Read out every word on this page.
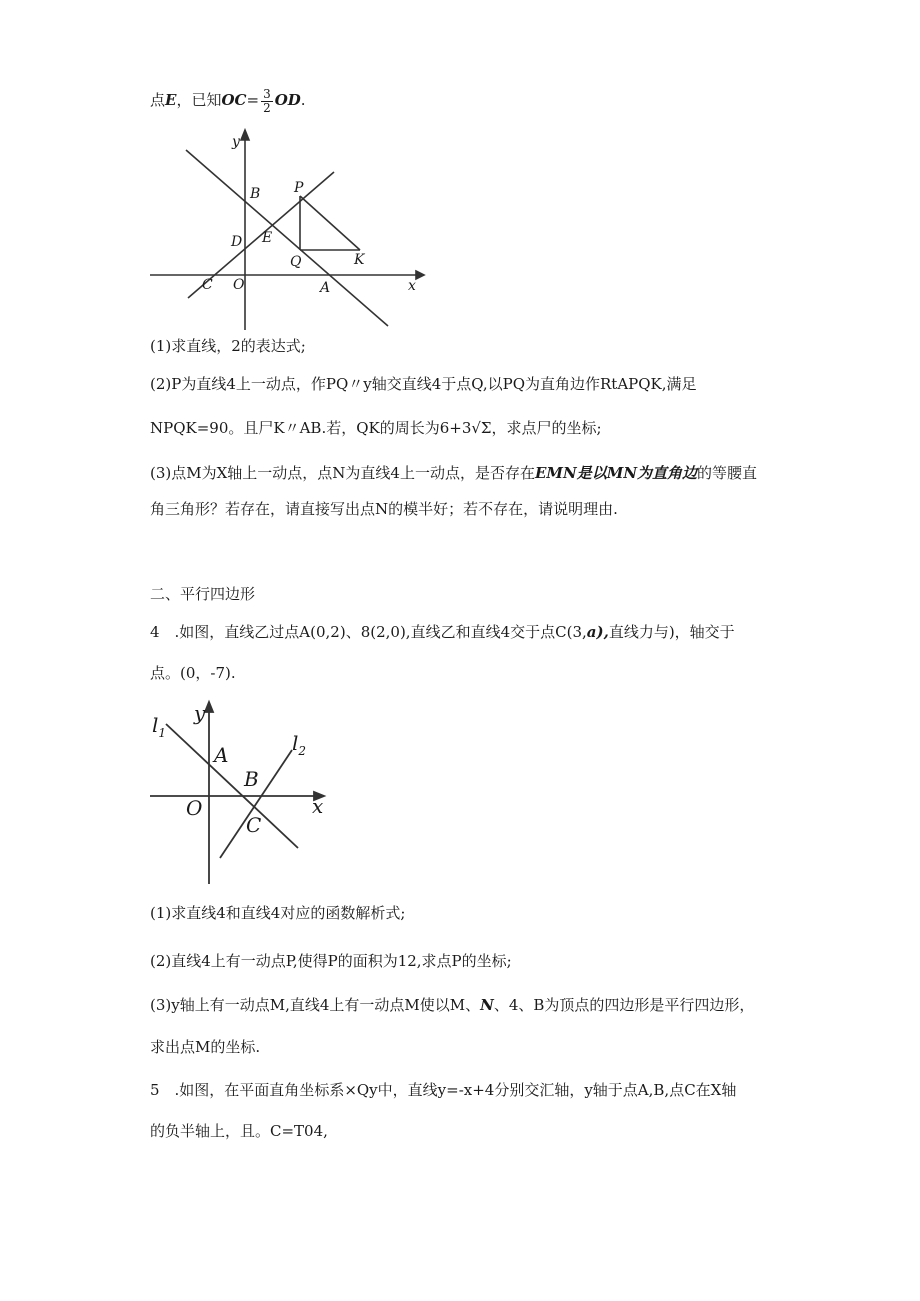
点E，已知$OC= \frac{3}{2}$ OD.
y
x
B P
D E
Q	K
C O	A
(1)求直线，2的表达式;
(2)P为直线4上一动点，作PQ〃y轴交直线4于点Q,以PQ为直角边作RtAPQK,满足
NPQK=90。且尸K〃AB.若，QK的周长为6+3√Σ，求点尸的坐标;
(3)点M为X轴上一动点，点N为直线4上一动点，是否存在EMN是以MN为直角边的等腰直
角三角形？若存在，请直接写出点N的模半好；若不存在，请说明理由.
二、平行四边形
4　.如图，直线乙过点A(0,2)、8(2,0),直线乙和直线4交于点C(3,a),直线力与)，轴交于
点。(0，-7).
$l_1$	$l_2$
y
x
A
B
O
C
(1)求直线4和直线4对应的函数解析式;
(2)直线4上有一动点P,使得P的面积为12,求点P的坐标;
(3)y轴上有一动点M,直线4上有一动点M使以M、N、4、B为顶点的四边形是平行四边形，
求出点M的坐标.
5　.如图，在平面直角坐标系×Qy中，直线y=-x+4分别交汇轴，y轴于点A,B,点C在X轴
的负半轴上，且。C=T04,
